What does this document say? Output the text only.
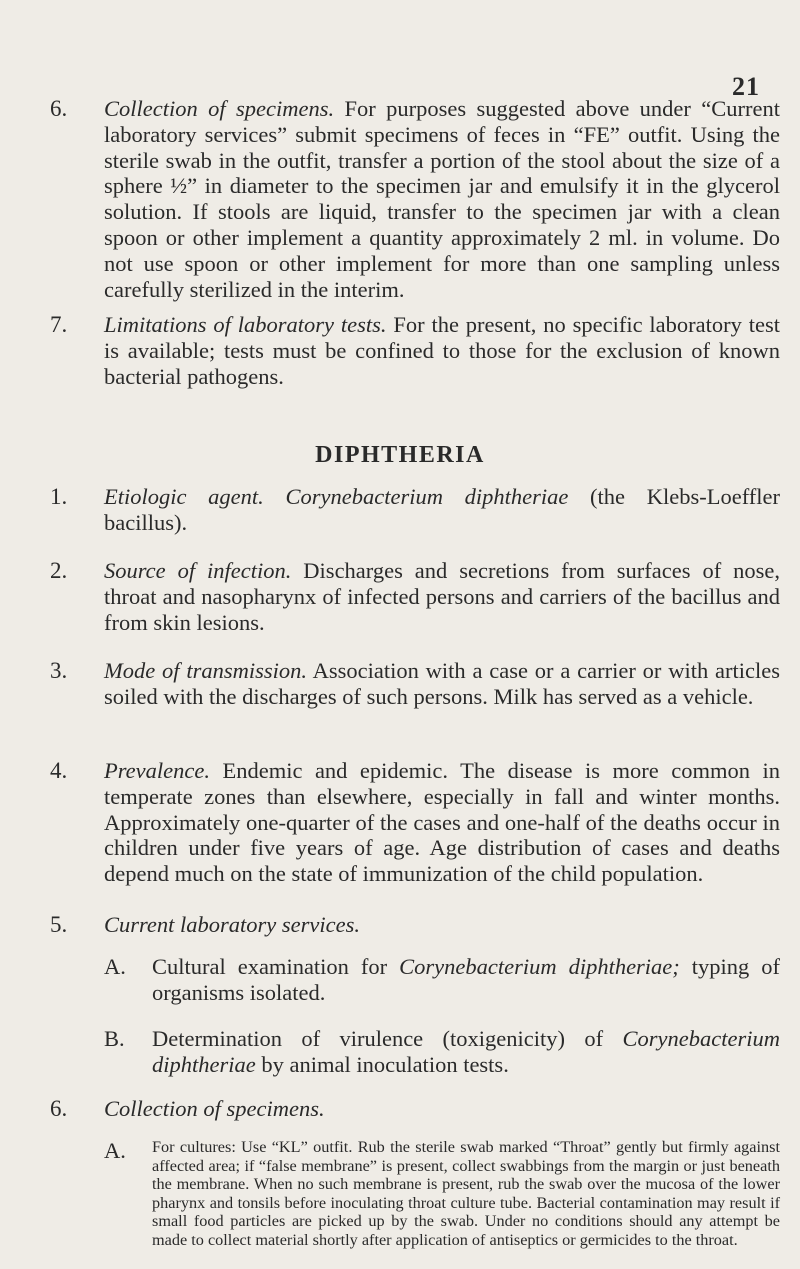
21
6. Collection of specimens. For purposes suggested above under “Current laboratory services” submit specimens of feces in “FE” outfit. Using the sterile swab in the outfit, transfer a portion of the stool about the size of a sphere ½” in diameter to the specimen jar and emulsify it in the glycerol solution. If stools are liquid, transfer to the specimen jar with a clean spoon or other implement a quantity approximately 2 ml. in volume. Do not use spoon or other implement for more than one sampling unless carefully sterilized in the interim.
7. Limitations of laboratory tests. For the present, no specific laboratory test is available; tests must be confined to those for the exclusion of known bacterial pathogens.
DIPHTHERIA
1. Etiologic agent. Corynebacterium diphtheriae (the Klebs-Loeffler bacillus).
2. Source of infection. Discharges and secretions from surfaces of nose, throat and nasopharynx of infected persons and carriers of the bacillus and from skin lesions.
3. Mode of transmission. Association with a case or a carrier or with articles soiled with the discharges of such persons. Milk has served as a vehicle.
4. Prevalence. Endemic and epidemic. The disease is more common in temperate zones than elsewhere, especially in fall and winter months. Approximately one-quarter of the cases and one-half of the deaths occur in children under five years of age. Age distribution of cases and deaths depend much on the state of immunization of the child population.
5. Current laboratory services.
A.	Cultural examination for Corynebacterium diphtheriae; typing of organisms isolated.
B.	Determination of virulence (toxigenicity) of Corynebacterium diphtheriae by animal inoculation tests.
6. Collection of specimens.
A.	For cultures: Use “KL” outfit. Rub the sterile swab marked “Throat” gently but firmly against affected area; if “false membrane” is present, collect swabbings from the margin or just beneath the membrane. When no such membrane is present, rub the swab over the mucosa of the lower pharynx and tonsils before inoculating throat culture tube. Bacterial contamination may result if small food particles are picked up by the swab. Under no conditions should any attempt be made to collect material shortly after application of antiseptics or germicides to the throat.
